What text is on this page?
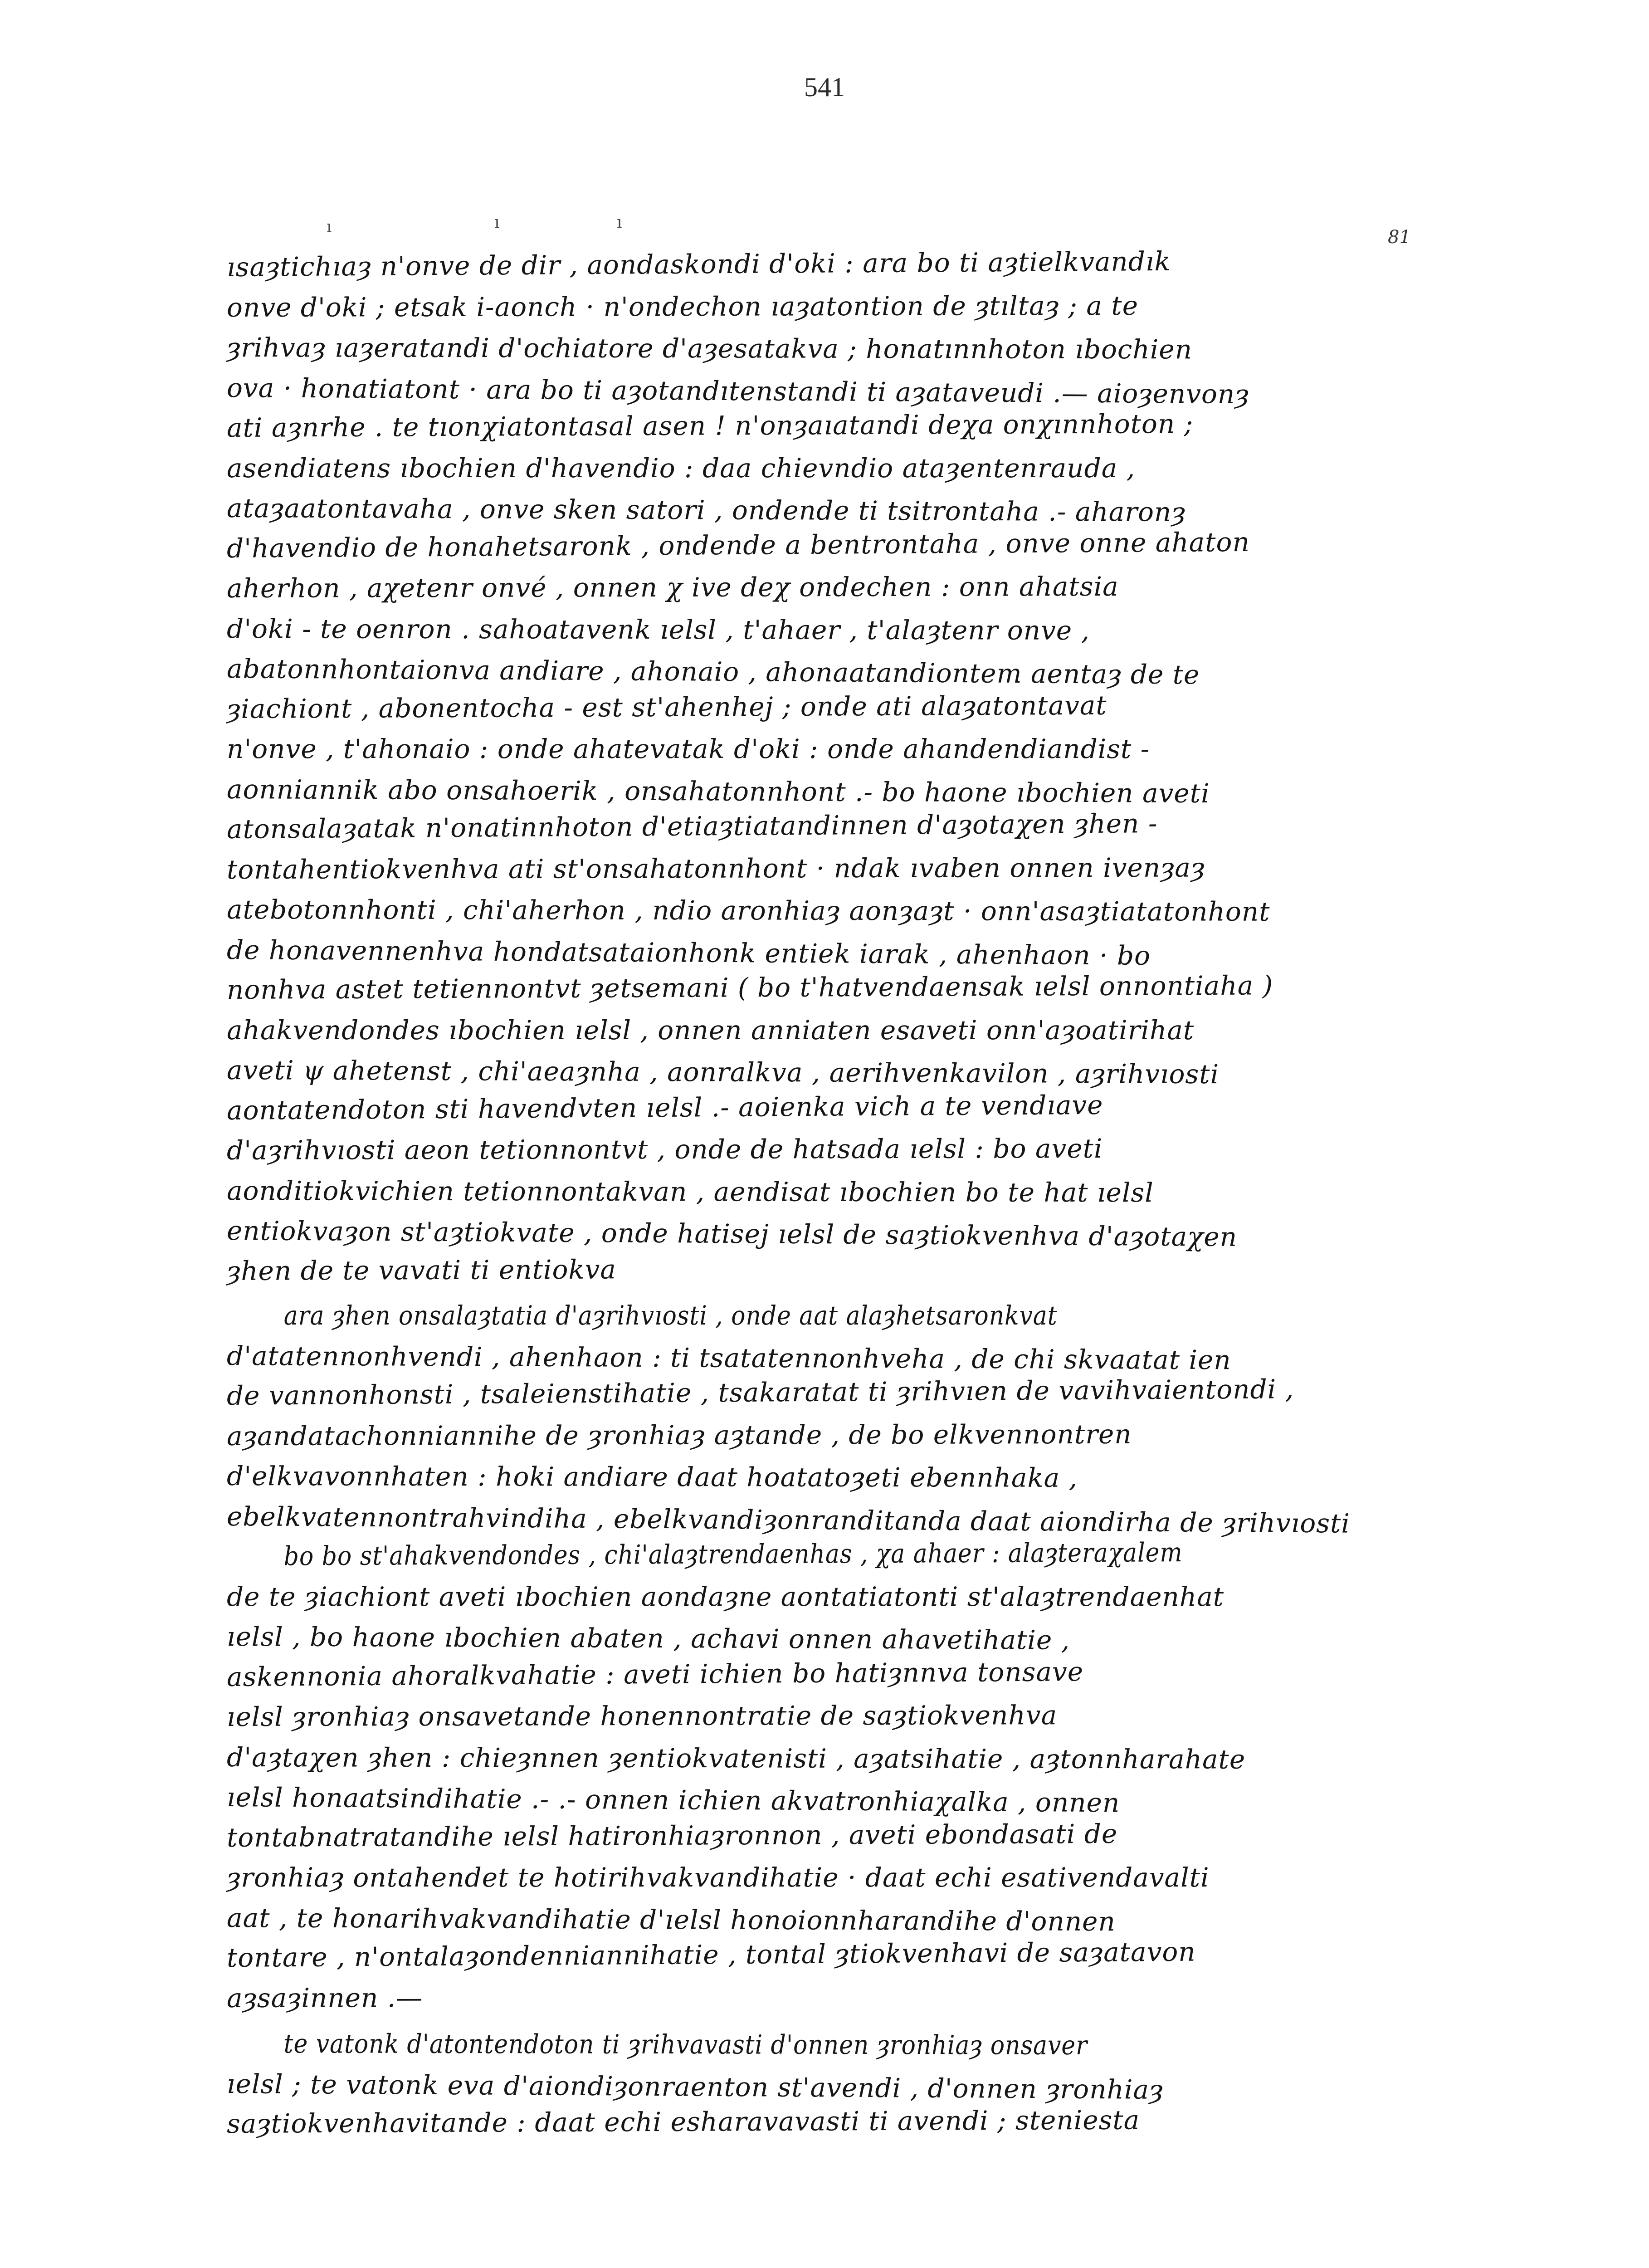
541
81
ı	ı	ı
ısaȝtichıaȝ n'onve de dir , aondaskondi d'oki : ara bo ti aȝtielkvandık
onve d'oki ; etsak i-aonch · n'ondechon ıaȝatontion de ȝtıltaȝ ; a te
ȝrihvaȝ ıaȝeratandi d'ochiatore d'aȝesatakva ; honatınnhoton ıbochien
ova · honatiatont · ara bo ti aȝotandıtenstandi ti aȝataveudi .— aioȝenvonȝ
ati aȝnrhe . te tıonχiatontasal asen ! n'onȝaıatandi deχa onχınnhoton ;
asendiatens ıbochien d'havendio : daa chievndio ataȝentenrauda ,
ataȝaatontavaha , onve sken satori , ondende ti tsitrontaha .- aharonȝ
d'havendio de honahetsaronk , ondende a bentrontaha , onve onne ahaton
aherhon , aχetenr onvé , onnen χ ive deχ ondechen : onn ahatsia
d'oki - te oenron . sahoatavenk ıelsl , t'ahaer , t'alaȝtenr onve ,
abatonnhontaionva andiare , ahonaio , ahonaatandiontem aentaȝ de te
ȝiachiont , abonentocha - est st'ahenhej ; onde ati alaȝatontavat
n'onve , t'ahonaio : onde ahatevatak d'oki : onde ahandendiandist -
aonniannik abo onsahoerik , onsahatonnhont .- bo haone ıbochien aveti
atonsalaȝatak n'onatinnhoton d'etiaȝtiatandinnen d'aȝotaχen ȝhen -
tontahentiokvenhva ati st'onsahatonnhont · ndak ıvaben onnen ivenȝaȝ
atebotonnhonti , chi'aherhon , ndio aronhiaȝ aonȝaȝt · onn'asaȝtiatatonhont
de honavennenhva hondatsataionhonk entiek iarak , ahenhaon · bo
nonhva astet tetiennontvt ȝetsemani ( bo t'hatvendaensak ıelsl onnontiaha )
ahakvendondes ıbochien ıelsl , onnen anniaten esaveti onn'aȝoatirihat
aveti ψ ahetenst , chi'aeaȝnha , aonralkva , aerihvenkavilon , aȝrihvıosti
aontatendoton sti havendvten ıelsl .- aoienka vich a te vendıave
d'aȝrihvıosti aeon tetionnontvt , onde de hatsada ıelsl : bo aveti
aonditiokvichien tetionnontakvan , aendisat ıbochien bo te hat ıelsl
entiokvaȝon st'aȝtiokvate , onde hatisej ıelsl de saȝtiokvenhva d'aȝotaχen
ȝhen de te vavati ti entiokva
ara ȝhen onsalaȝtatia d'aȝrihvıosti , onde aat alaȝhetsaronkvat
d'atatennonhvendi , ahenhaon : ti tsatatennonhveha , de chi skvaatat ien
de vannonhonsti , tsaleienstihatie , tsakaratat ti ȝrihvıen de vavihvaientondi ,
aȝandatachonniannihe de ȝronhiaȝ aȝtande , de bo elkvennontren
d'elkvavonnhaten : hoki andiare daat hoatatoȝeti ebennhaka ,
ebelkvatennontrahvindiha , ebelkvandiȝonranditanda daat aiondirha de ȝrihvıosti
bo bo st'ahakvendondes , chi'alaȝtrendaenhas , χa ahaer : alaȝteraχalem
de te ȝiachiont aveti ıbochien aondaȝne aontatiatonti st'alaȝtrendaenhat
ıelsl , bo haone ıbochien abaten , achavi onnen ahavetihatie ,
askennonia ahoralkvahatie : aveti ichien bo hatiȝnnva tonsave
ıelsl ȝronhiaȝ onsavetande honennontratie de saȝtiokvenhva
d'aȝtaχen ȝhen : chieȝnnen ȝentiokvatenisti , aȝatsihatie , aȝtonnharahate
ıelsl honaatsindihatie .- .- onnen ichien akvatronhiaχalka , onnen
tontabnatratandihe ıelsl hatironhiaȝronnon , aveti ebondasati de
ȝronhiaȝ ontahendet te hotirihvakvandihatie · daat echi esativendavalti
aat , te honarihvakvandihatie d'ıelsl honoionnharandihe d'onnen
tontare , n'ontalaȝondenniannihatie , tontal ȝtiokvenhavi de saȝatavon
aȝsaȝinnen .—
te vatonk d'atontendoton ti ȝrihvavasti d'onnen ȝronhiaȝ onsaver
ıelsl ; te vatonk eva d'aiondiȝonraenton st'avendi , d'onnen ȝronhiaȝ
saȝtiokvenhavitande : daat echi esharavavasti ti avendi ; steniesta
